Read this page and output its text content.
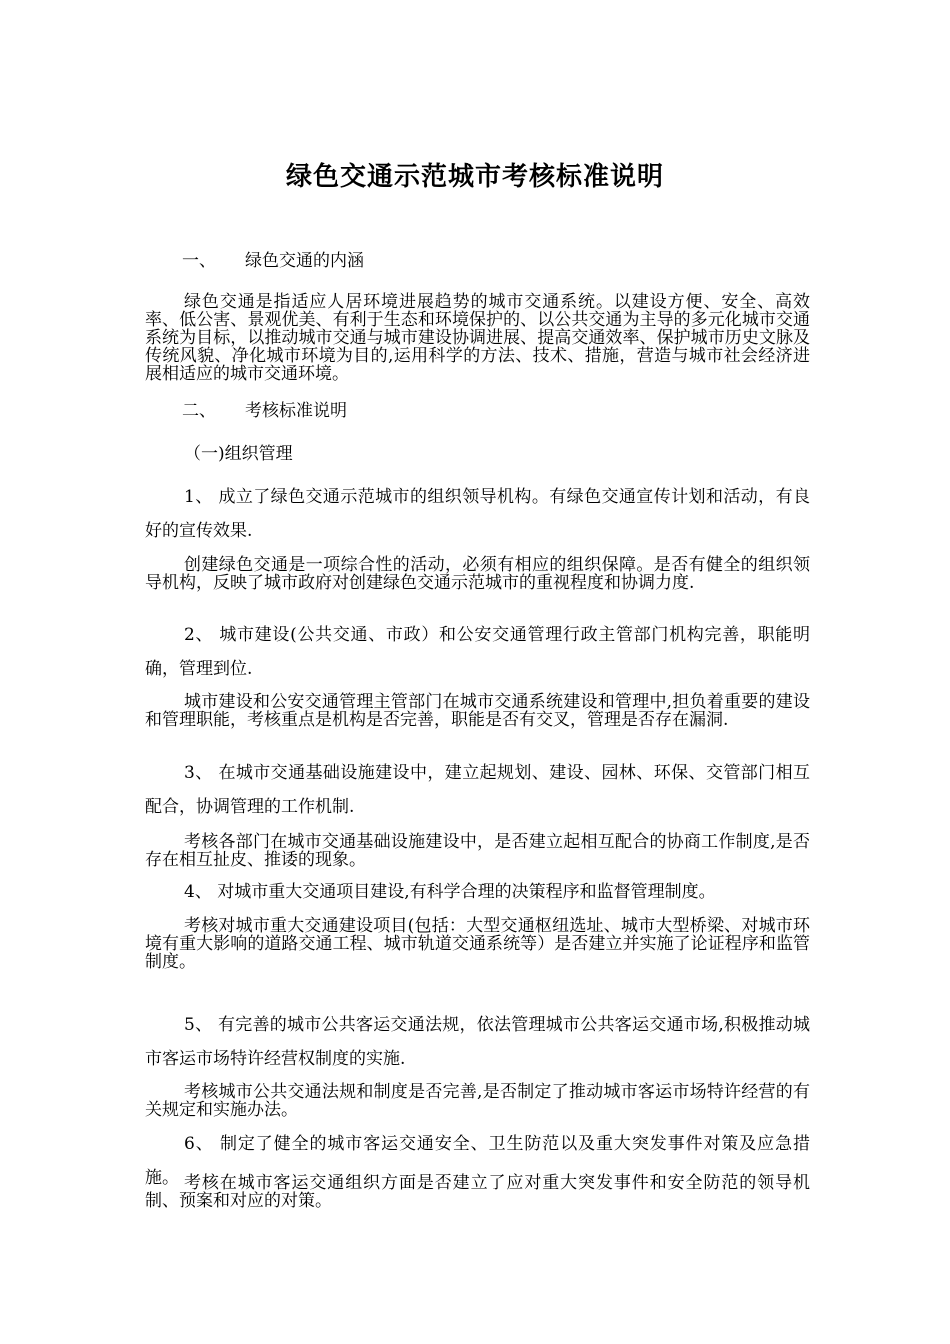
绿色交通示范城市考核标准说明
一、 绿色交通的内涵

绿色交通是指适应人居环境进展趋势的城市交通系统。以建设方便、安全、高效率、低公害、景观优美、有利于生态和环境保护的、以公共交通为主导的多元化城市交通系统为目标，以推动城市交通与城市建设协调进展、提高交通效率、保护城市历史文脉及传统风貌、净化城市环境为目的,运用科学的方法、技术、措施，营造与城市社会经济进展相适应的城市交通环境。

二、 考核标准说明
（一)组织管理

1、 成立了绿色交通示范城市的组织领导机构。有绿色交通宣传计划和活动，有良好的宣传效果.

创建绿色交通是一项综合性的活动，必须有相应的组织保障。是否有健全的组织领导机构，反映了城市政府对创建绿色交通示范城市的重视程度和协调力度.

2、 城市建设(公共交通、市政）和公安交通管理行政主管部门机构完善，职能明确，管理到位.

城市建设和公安交通管理主管部门在城市交通系统建设和管理中,担负着重要的建设和管理职能，考核重点是机构是否完善，职能是否有交叉，管理是否存在漏洞.

3、 在城市交通基础设施建设中，建立起规划、建设、园林、环保、交管部门相互配合，协调管理的工作机制.

考核各部门在城市交通基础设施建设中，是否建立起相互配合的协商工作制度,是否存在相互扯皮、推诿的现象。

4、 对城市重大交通项目建设,有科学合理的决策程序和监督管理制度。

考核对城市重大交通建设项目(包括：大型交通枢纽选址、城市大型桥梁、对城市环境有重大影响的道路交通工程、城市轨道交通系统等）是否建立并实施了论证程序和监管制度。

5、 有完善的城市公共客运交通法规，依法管理城市公共客运交通市场,积极推动城市客运市场特许经营权制度的实施.

考核城市公共交通法规和制度是否完善,是否制定了推动城市客运市场特许经营的有关规定和实施办法。

6、 制定了健全的城市客运交通安全、卫生防范以及重大突发事件对策及应急措施。 考核在城市客运交通组织方面是否建立了应对重大突发事件和安全防范的领导机制、预案和对应的对策。
